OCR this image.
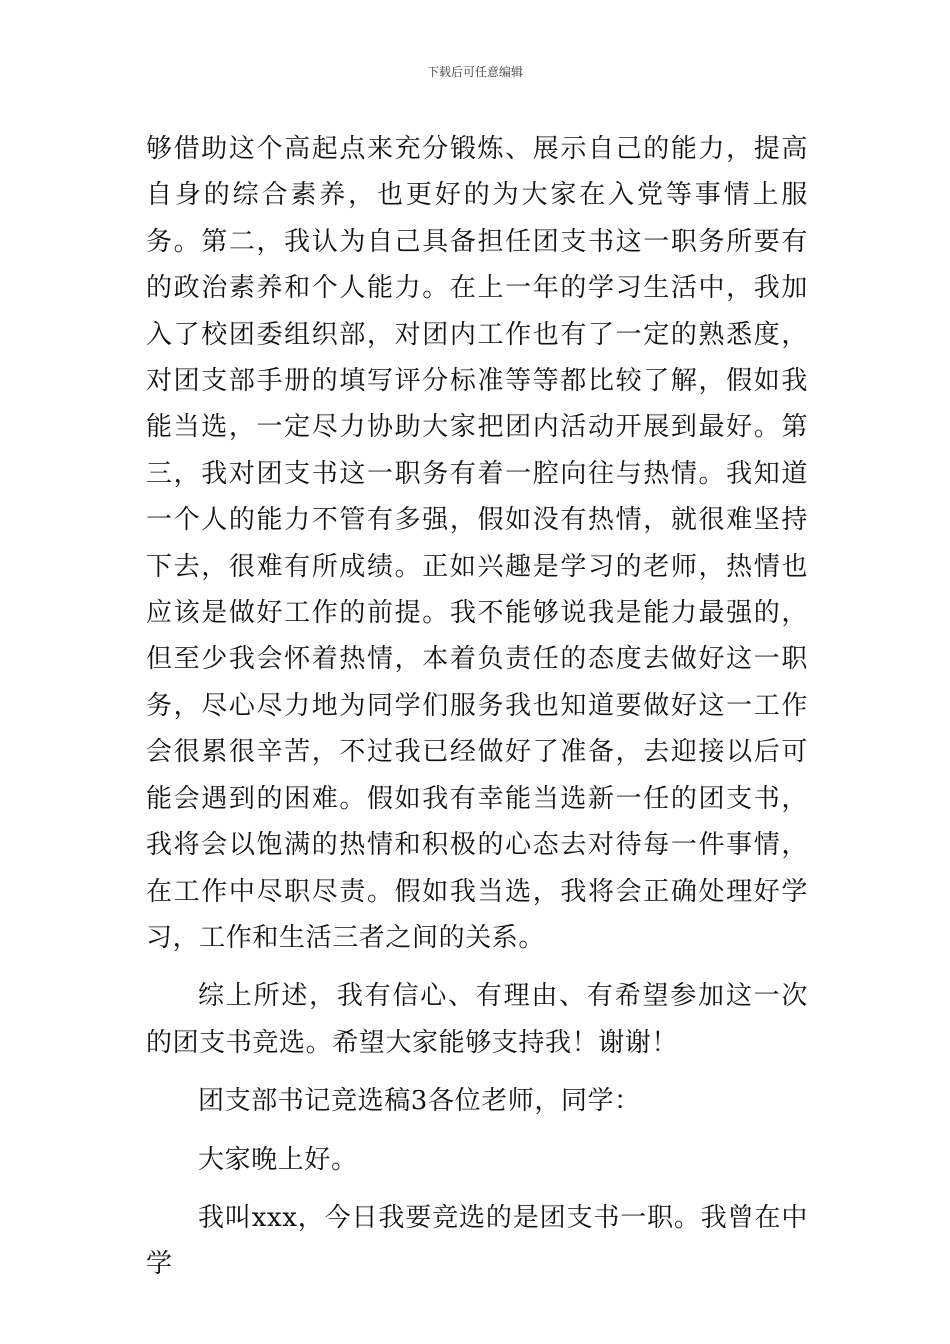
下载后可任意编辑

够借助这个高起点来充分锻炼、展示自己的能力，提高自身的综合素养，也更好的为大家在入党等事情上服务。第二，我认为自己具备担任团支书这一职务所要有的政治素养和个人能力。在上一年的学习生活中，我加入了校团委组织部，对团内工作也有了一定的熟悉度，对团支部手册的填写评分标准等等都比较了解，假如我能当选，一定尽力协助大家把团内活动开展到最好。第三，我对团支书这一职务有着一腔向往与热情。我知道一个人的能力不管有多强，假如没有热情，就很难坚持下去，很难有所成绩。正如兴趣是学习的老师，热情也应该是做好工作的前提。我不能够说我是能力最强的，但至少我会怀着热情，本着负责任的态度去做好这一职务，尽心尽力地为同学们服务我也知道要做好这一工作会很累很辛苦，不过我已经做好了准备，去迎接以后可能会遇到的困难。假如我有幸能当选新一任的团支书，我将会以饱满的热情和积极的心态去对待每一件事情，在工作中尽职尽责。假如我当选，我将会正确处理好学习，工作和生活三者之间的关系。

综上所述，我有信心、有理由、有希望参加这一次的团支书竞选。希望大家能够支持我！谢谢！

团支部书记竞选稿3各位老师，同学：

大家晚上好。

我叫xxx，今日我要竞选的是团支书一职。我曾在中学
